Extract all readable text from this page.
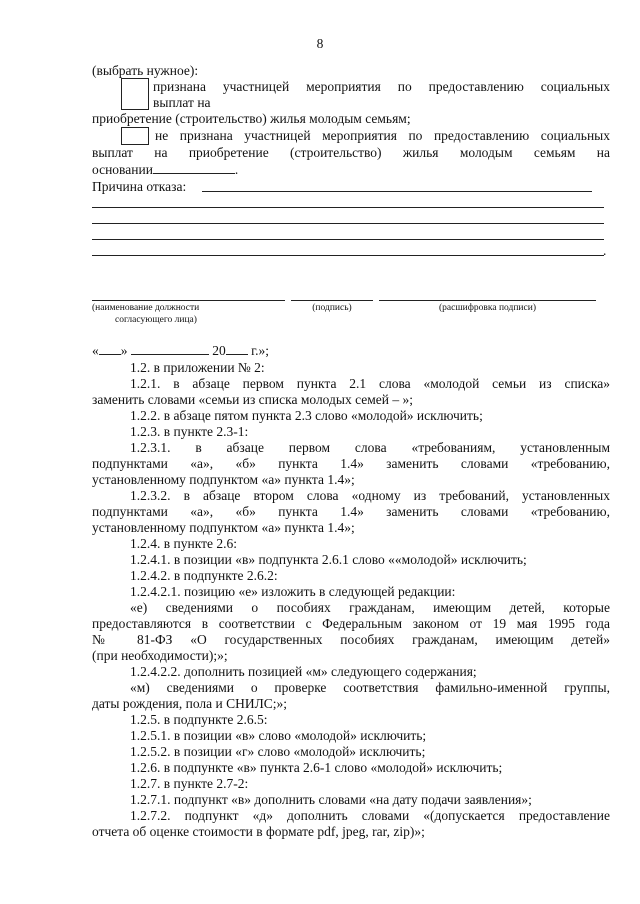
8
(выбрать нужное):
признана участницей мероприятия по предоставлению социальных
выплат на
приобретение (строительство) жилья молодым семьям;
не признана участницей мероприятия по предоставлению социальных
выплат на приобретение (строительство) жилья молодым семьям на
основании	.
Причина отказа:
.
(наименование должности
согласующего лица)
(подпись)	(расшифровка подписи)
« »	20 г.»;
1.2. в приложении № 2:
1.2.1. в абзаце первом пункта 2.1 слова «молодой семьи из списка»
заменить словами «семьи из списка молодых семей – »;
1.2.2. в абзаце пятом пункта 2.3 слово «молодой» исключить;
1.2.3. в пункте 2.3-1:
1.2.3.1. в абзаце первом слова «требованиям, установленным
подпунктами «а», «б» пункта 1.4» заменить словами «требованию,
установленному подпунктом «а» пункта 1.4»;
1.2.3.2. в абзаце втором слова «одному из требований, установленных
подпунктами «а», «б» пункта 1.4» заменить словами «требованию,
установленному подпунктом «а» пункта 1.4»;
1.2.4. в пункте 2.6:
1.2.4.1. в позиции «в» подпункта 2.6.1 слово ««молодой» исключить;
1.2.4.2. в подпункте 2.6.2:
1.2.4.2.1. позицию «е» изложить в следующей редакции:
«е) сведениями о пособиях гражданам, имеющим детей, которые
предоставляются в соответствии с Федеральным законом от 19 мая 1995 года
№ 81-ФЗ «О государственных пособиях гражданам, имеющим детей»
(при необходимости);»;
1.2.4.2.2. дополнить позицией «м» следующего содержания;
«м) сведениями о проверке соответствия фамильно-именной группы,
даты рождения, пола и СНИЛС;»;
1.2.5. в подпункте 2.6.5:
1.2.5.1. в позиции «в» слово «молодой» исключить;
1.2.5.2. в позиции «г» слово «молодой» исключить;
1.2.6. в подпункте «в» пункта 2.6-1 слово «молодой» исключить;
1.2.7. в пункте 2.7-2:
1.2.7.1. подпункт «в» дополнить словами «на дату подачи заявления»;
1.2.7.2. подпункт «д» дополнить словами «(допускается предоставление
отчета об оценке стоимости в формате pdf, jpeg, rar, zip)»;
